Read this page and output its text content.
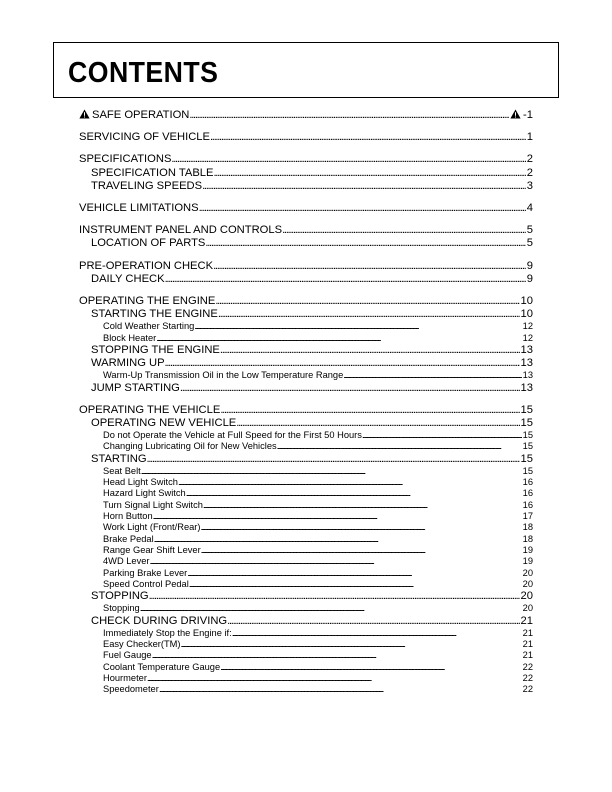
CONTENTS
SAFE OPERATION . . .	-1
SERVICING OF VEHICLE . . .	1
SPECIFICATIONS . . .	2
SPECIFICATION TABLE . . .	2
TRAVELING SPEEDS . . .	3
VEHICLE LIMITATIONS . . .	4
INSTRUMENT PANEL AND CONTROLS . . .	5
LOCATION OF PARTS . . .	5
PRE-OPERATION CHECK . . .	9
DAILY CHECK . . .	9
OPERATING THE ENGINE . . .	10
STARTING THE ENGINE . . .	10
Cold Weather Starting . . .	12
Block Heater . . .	12
STOPPING THE ENGINE . . .	13
WARMING UP . . .	13
Warm-Up Transmission Oil in the Low Temperature Range . . .	13
JUMP STARTING . . .	13
OPERATING THE VEHICLE . . .	15
OPERATING NEW VEHICLE . . .	15
Do not Operate the Vehicle at Full Speed for the First 50 Hours . . .	15
Changing Lubricating Oil for New Vehicles . . .	15
STARTING . . .	15
Seat Belt . . .	15
Head Light Switch . . .	16
Hazard Light Switch . . .	16
Turn Signal Light Switch . . .	16
Horn Button . . .	17
Work Light (Front/Rear) . . .	18
Brake Pedal . . .	18
Range Gear Shift Lever . . .	19
4WD Lever . . .	19
Parking Brake Lever . . .	20
Speed Control Pedal . . .	20
STOPPING . . .	20
Stopping . . .	20
CHECK DURING DRIVING . . .	21
Immediately Stop the Engine if: . . .	21
Easy Checker(TM) . . .	21
Fuel Gauge . . .	21
Coolant Temperature Gauge . . .	22
Hourmeter . . .	22
Speedometer . . .	22
